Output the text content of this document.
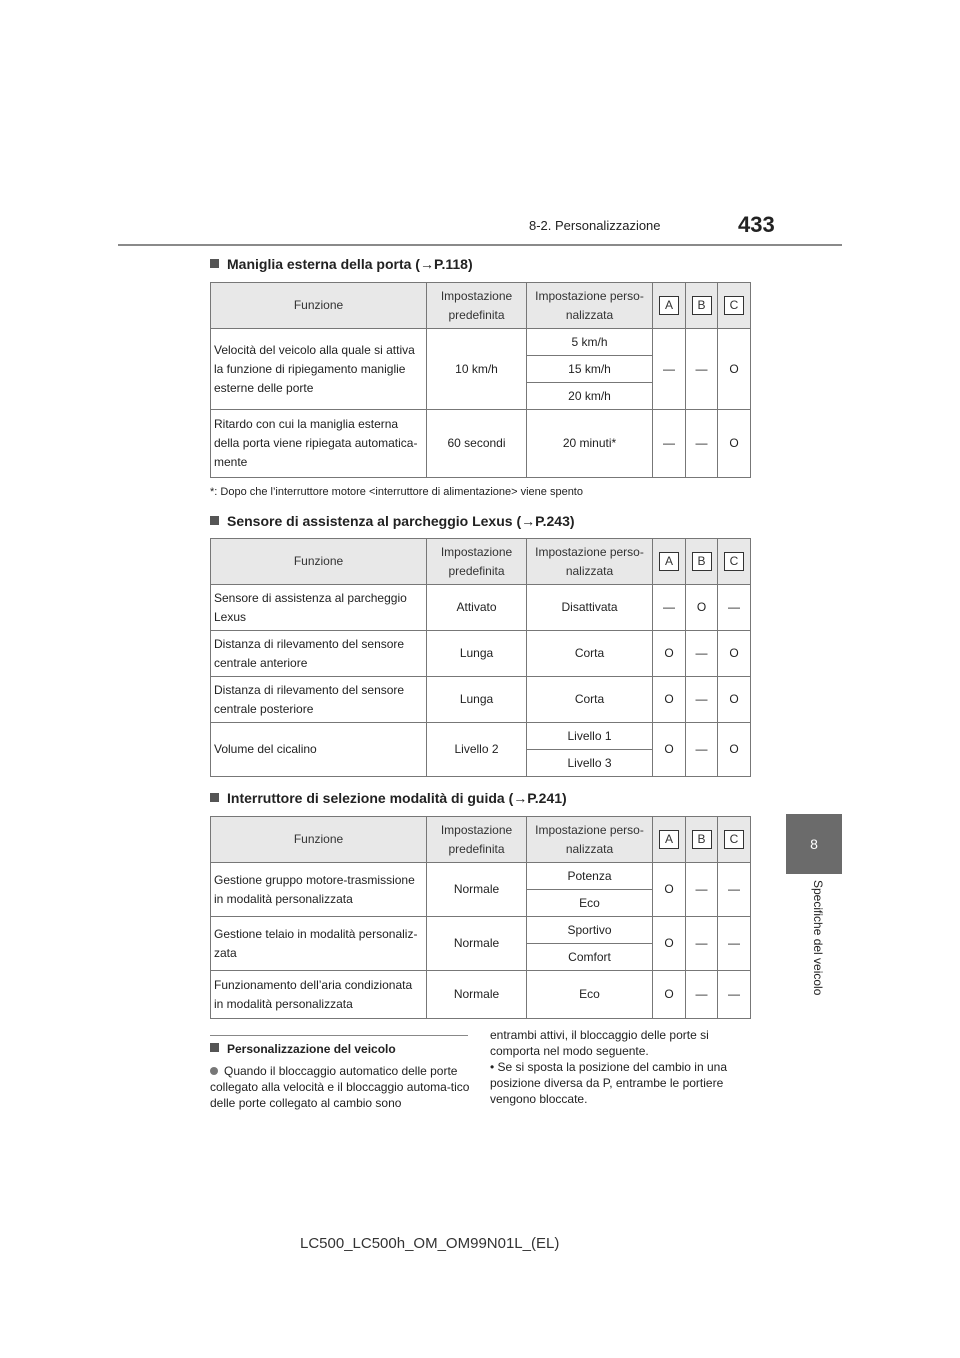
8-2. Personalizzazione	433
8
Specifiche del veicolo
Maniglia esterna della porta (→P.118)
Funzione	Impostazione predefinita	Impostazione perso-nalizzata	A	B	C
Velocità del veicolo alla quale si attiva la funzione di ripiegamento maniglie esterne delle porte	10 km/h	5 km/h	—	—	O
		15 km/h			
		20 km/h			
Ritardo con cui la maniglia esterna della porta viene ripiegata automatica-mente	60 secondi	20 minuti*	—	—	O
*: Dopo che l’interruttore motore <interruttore di alimentazione> viene spento
Sensore di assistenza al parcheggio Lexus (→P.243)
Funzione	Impostazione predefinita	Impostazione perso-nalizzata	A	B	C
Sensore di assistenza al parcheggio Lexus	Attivato	Disattivata	—	O	—
Distanza di rilevamento del sensore centrale anteriore	Lunga	Corta	O	—	O
Distanza di rilevamento del sensore centrale posteriore	Lunga	Corta	O	—	O
Volume del cicalino	Livello 2	Livello 1	O	—	O
		Livello 3			
Interruttore di selezione modalità di guida (→P.241)
Funzione	Impostazione predefinita	Impostazione perso-nalizzata	A	B	C
Gestione gruppo motore-trasmissione in modalità personalizzata	Normale	Potenza	O	—	—
		Eco			
Gestione telaio in modalità personaliz-zata	Normale	Sportivo	O	—	—
		Comfort			
Funzionamento dell’aria condizionata in modalità personalizzata	Normale	Eco	O	—	—
Personalizzazione del veicolo
Quando il bloccaggio automatico delle porte collegato alla velocità e il bloccaggio automa-tico delle porte collegato al cambio sono
entrambi attivi, il bloccaggio delle porte si comporta nel modo seguente.
• Se si sposta la posizione del cambio in una posizione diversa da P, entrambe le portiere vengono bloccate.
LC500_LC500h_OM_OM99N01L_(EL)
